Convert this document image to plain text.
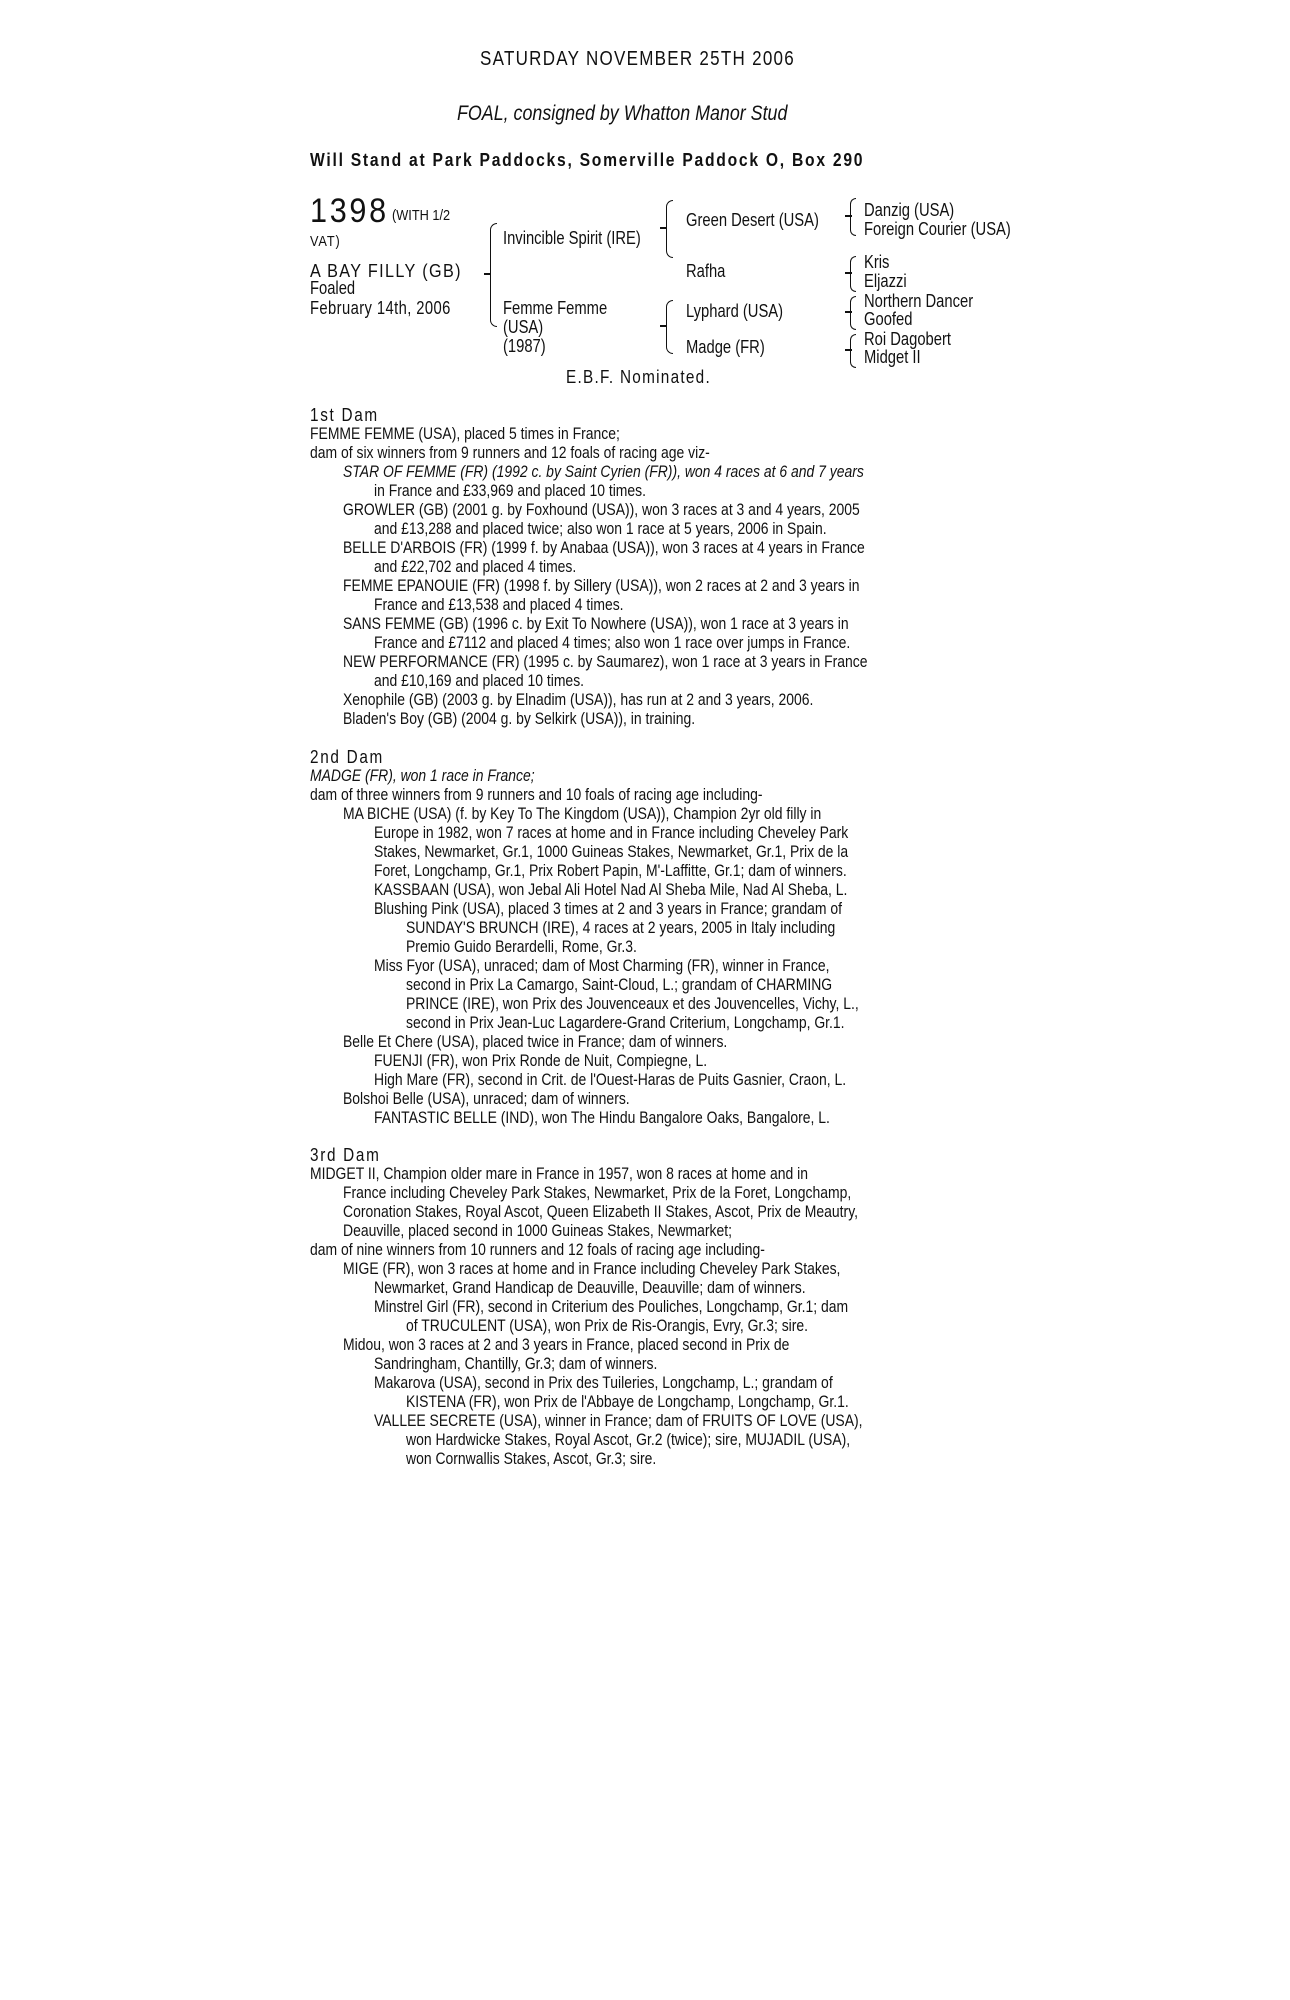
SATURDAY NOVEMBER 25TH 2006
FOAL, consigned by Whatton Manor Stud
Will Stand at Park Paddocks, Somerville Paddock O, Box 290
1398 (WITH 1/2
VAT)
A BAY FILLY (GB)
Foaled
February 14th, 2006
Invincible Spirit (IRE)
Femme Femme
(USA)
(1987)
Green Desert (USA)
Rafha
Lyphard (USA)
Madge (FR)
Danzig (USA)
Foreign Courier (USA)
Kris
Eljazzi
Northern Dancer
Goofed
Roi Dagobert
Midget II
E.B.F. Nominated.
1st Dam
FEMME FEMME (USA), placed 5 times in France;
dam of six winners from 9 runners and 12 foals of racing age viz-
STAR OF FEMME (FR) (1992 c. by Saint Cyrien (FR)), won 4 races at 6 and 7 years
in France and £33,969 and placed 10 times.
GROWLER (GB) (2001 g. by Foxhound (USA)), won 3 races at 3 and 4 years, 2005
and £13,288 and placed twice; also won 1 race at 5 years, 2006 in Spain.
BELLE D'ARBOIS (FR) (1999 f. by Anabaa (USA)), won 3 races at 4 years in France
and £22,702 and placed 4 times.
FEMME EPANOUIE (FR) (1998 f. by Sillery (USA)), won 2 races at 2 and 3 years in
France and £13,538 and placed 4 times.
SANS FEMME (GB) (1996 c. by Exit To Nowhere (USA)), won 1 race at 3 years in
France and £7112 and placed 4 times; also won 1 race over jumps in France.
NEW PERFORMANCE (FR) (1995 c. by Saumarez), won 1 race at 3 years in France
and £10,169 and placed 10 times.
Xenophile (GB) (2003 g. by Elnadim (USA)), has run at 2 and 3 years, 2006.
Bladen's Boy (GB) (2004 g. by Selkirk (USA)), in training.
2nd Dam
MADGE (FR), won 1 race in France;
dam of three winners from 9 runners and 10 foals of racing age including-
MA BICHE (USA) (f. by Key To The Kingdom (USA)), Champion 2yr old filly in
Europe in 1982, won 7 races at home and in France including Cheveley Park
Stakes, Newmarket, Gr.1, 1000 Guineas Stakes, Newmarket, Gr.1, Prix de la
Foret, Longchamp, Gr.1, Prix Robert Papin, M'-Laffitte, Gr.1; dam of winners.
KASSBAAN (USA), won Jebal Ali Hotel Nad Al Sheba Mile, Nad Al Sheba, L.
Blushing Pink (USA), placed 3 times at 2 and 3 years in France; grandam of
SUNDAY'S BRUNCH (IRE), 4 races at 2 years, 2005 in Italy including
Premio Guido Berardelli, Rome, Gr.3.
Miss Fyor (USA), unraced; dam of Most Charming (FR), winner in France,
second in Prix La Camargo, Saint-Cloud, L.; grandam of CHARMING
PRINCE (IRE), won Prix des Jouvenceaux et des Jouvencelles, Vichy, L.,
second in Prix Jean-Luc Lagardere-Grand Criterium, Longchamp, Gr.1.
Belle Et Chere (USA), placed twice in France; dam of winners.
FUENJI (FR), won Prix Ronde de Nuit, Compiegne, L.
High Mare (FR), second in Crit. de l'Ouest-Haras de Puits Gasnier, Craon, L.
Bolshoi Belle (USA), unraced; dam of winners.
FANTASTIC BELLE (IND), won The Hindu Bangalore Oaks, Bangalore, L.
3rd Dam
MIDGET II, Champion older mare in France in 1957, won 8 races at home and in
France including Cheveley Park Stakes, Newmarket, Prix de la Foret, Longchamp,
Coronation Stakes, Royal Ascot, Queen Elizabeth II Stakes, Ascot, Prix de Meautry,
Deauville, placed second in 1000 Guineas Stakes, Newmarket;
dam of nine winners from 10 runners and 12 foals of racing age including-
MIGE (FR), won 3 races at home and in France including Cheveley Park Stakes,
Newmarket, Grand Handicap de Deauville, Deauville; dam of winners.
Minstrel Girl (FR), second in Criterium des Pouliches, Longchamp, Gr.1; dam
of TRUCULENT (USA), won Prix de Ris-Orangis, Evry, Gr.3; sire.
Midou, won 3 races at 2 and 3 years in France, placed second in Prix de
Sandringham, Chantilly, Gr.3; dam of winners.
Makarova (USA), second in Prix des Tuileries, Longchamp, L.; grandam of
KISTENA (FR), won Prix de l'Abbaye de Longchamp, Longchamp, Gr.1.
VALLEE SECRETE (USA), winner in France; dam of FRUITS OF LOVE (USA),
won Hardwicke Stakes, Royal Ascot, Gr.2 (twice); sire, MUJADIL (USA),
won Cornwallis Stakes, Ascot, Gr.3; sire.
